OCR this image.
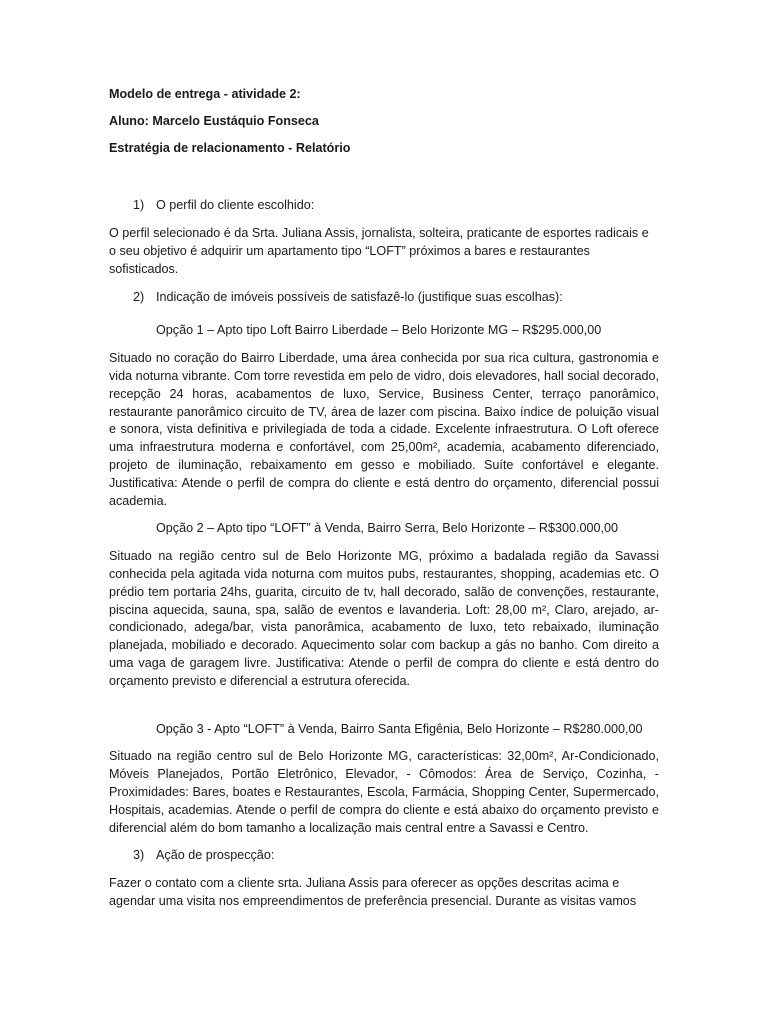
Modelo de entrega - atividade 2:
Aluno: Marcelo Eustáquio Fonseca
Estratégia de relacionamento - Relatório
1) O perfil do cliente escolhido:

O perfil selecionado é da Srta. Juliana Assis, jornalista, solteira, praticante de esportes radicais e o seu objetivo é adquirir um apartamento tipo “LOFT” próximos a bares e restaurantes sofisticados.

2) Indicação de imóveis possíveis de satisfazê-lo (justifique suas escolhas):
Opção 1 – Apto tipo Loft Bairro Liberdade – Belo Horizonte MG – R$295.000,00

Situado no coração do Bairro Liberdade, uma área conhecida por sua rica cultura, gastronomia e vida noturna vibrante. Com torre revestida em pelo de vidro, dois elevadores, hall social decorado, recepção 24 horas, acabamentos de luxo, Service, Business Center, terraço panorâmico, restaurante panorâmico circuito de TV, área de lazer com piscina. Baixo índice de poluição visual e sonora, vista definitiva e privilegiada de toda a cidade. Excelente infraestrutura. O Loft oferece uma infraestrutura moderna e confortável, com 25,00m², academia, acabamento diferenciado, projeto de iluminação, rebaixamento em gesso e mobiliado. Suíte confortável e elegante. Justificativa: Atende o perfil de compra do cliente e está dentro do orçamento, diferencial possui academia.

Opção 2 – Apto tipo “LOFT” à Venda, Bairro Serra, Belo Horizonte – R$300.000,00

Situado na região centro sul de Belo Horizonte MG, próximo a badalada região da Savassi conhecida pela agitada vida noturna com muitos pubs, restaurantes, shopping, academias etc. O prédio tem portaria 24hs, guarita, circuito de tv, hall decorado, salão de convenções, restaurante, piscina aquecida, sauna, spa, salão de eventos e lavanderia. Loft: 28,00 m², Claro, arejado, ar-condicionado, adega/bar, vista panorâmica, acabamento de luxo, teto rebaixado, iluminação planejada, mobiliado e decorado. Aquecimento solar com backup a gás no banho. Com direito a uma vaga de garagem livre. Justificativa: Atende o perfil de compra do cliente e está dentro do orçamento previsto e diferencial a estrutura oferecida.

Opção 3 - Apto “LOFT” à Venda, Bairro Santa Efigênia, Belo Horizonte – R$280.000,00

Situado na região centro sul de Belo Horizonte MG, características: 32,00m², Ar-Condicionado, Móveis Planejados, Portão Eletrônico, Elevador, - Cômodos: Área de Serviço, Cozinha, - Proximidades: Bares, boates e Restaurantes, Escola, Farmácia, Shopping Center, Supermercado, Hospitais, academias. Atende o perfil de compra do cliente e está abaixo do orçamento previsto e diferencial além do bom tamanho a localização mais central entre a Savassi e Centro.

3) Ação de prospecção:

Fazer o contato com a cliente srta. Juliana Assis para oferecer as opções descritas acima e agendar uma visita nos empreendimentos de preferência presencial. Durante as visitas vamos
